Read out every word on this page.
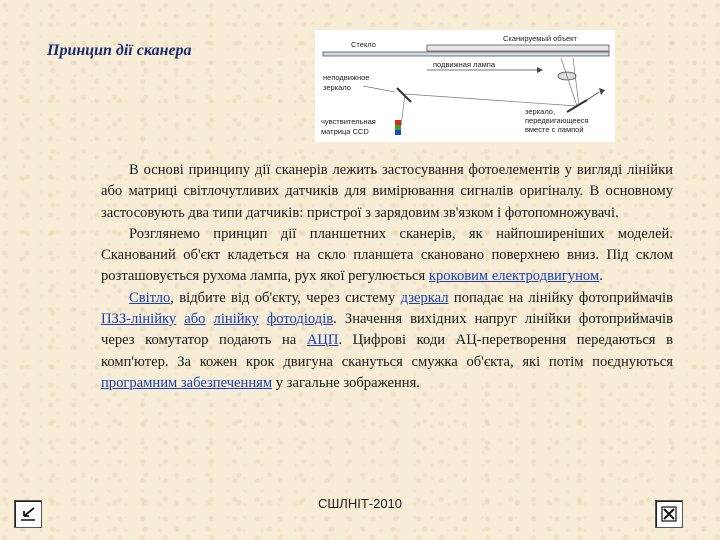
Принцип дії сканера	Стекло
Сканируемый объект
подвижная лампа
неподвижное
зеркало
чувствительная
матрица CCD
зеркало,
передвигающееся
вместе с лампой

В основі принципу дії сканерів лежить застосування фотоелементів у вигляді лінійки або матриці світлочутливих датчиків для вимірювання сигналів оригіналу. В основному застосовують два типи датчиків: пристрої з зарядовим зв'язком і фотопомножувачі.

Розглянемо принцип дії планшетних сканерів, як найпоширеніших моделей. Сканований об'єкт кладеться на скло планшета скановано поверхнею вниз. Під склом розташовується рухома лампа, рух якої регулюється кроковим електродвигуном.

Світло, відбите від об'єкту, через систему дзеркал попадає на лінійку фотоприймачів ПЗЗ-лінійку або лінійку фотодіодів. Значення вихідних напруг лінійки фотоприймачів через комутатор подають на АЦП. Цифрові коди АЦ-перетворення передаються в комп'ютер. За кожен крок двигуна скануться смужка об'єкта, які потім поєднуються програмним забезпеченням у загальне зображення.

СШЛНІТ-2010
